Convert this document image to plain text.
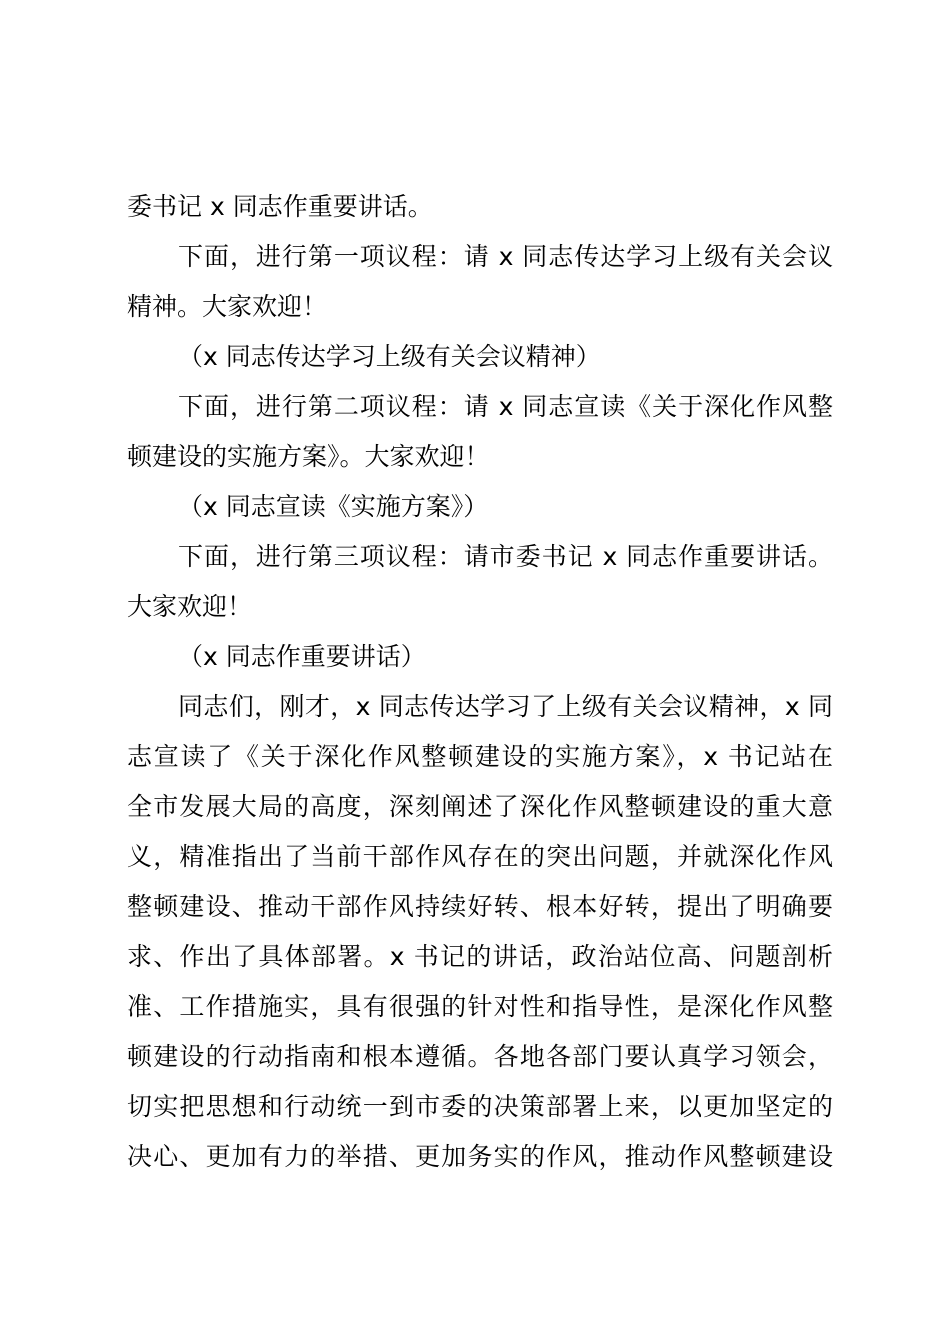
委书记 x 同志作重要讲话。
下面，进行第一项议程：请 x 同志传达学习上级有关会议
精神。大家欢迎！
（x 同志传达学习上级有关会议精神）
下面，进行第二项议程：请 x 同志宣读《关于深化作风整
顿建设的实施方案》。大家欢迎！
（x 同志宣读《实施方案》）
下面，进行第三项议程：请市委书记 x 同志作重要讲话。
大家欢迎！
（x 同志作重要讲话）
同志们，刚才，x 同志传达学习了上级有关会议精神，x 同
志宣读了《关于深化作风整顿建设的实施方案》，x 书记站在
全市发展大局的高度，深刻阐述了深化作风整顿建设的重大意
义，精准指出了当前干部作风存在的突出问题，并就深化作风
整顿建设、推动干部作风持续好转、根本好转，提出了明确要
求、作出了具体部署。x 书记的讲话，政治站位高、问题剖析
准、工作措施实，具有很强的针对性和指导性，是深化作风整
顿建设的行动指南和根本遵循。各地各部门要认真学习领会，
切实把思想和行动统一到市委的决策部署上来，以更加坚定的
决心、更加有力的举措、更加务实的作风，推动作风整顿建设
